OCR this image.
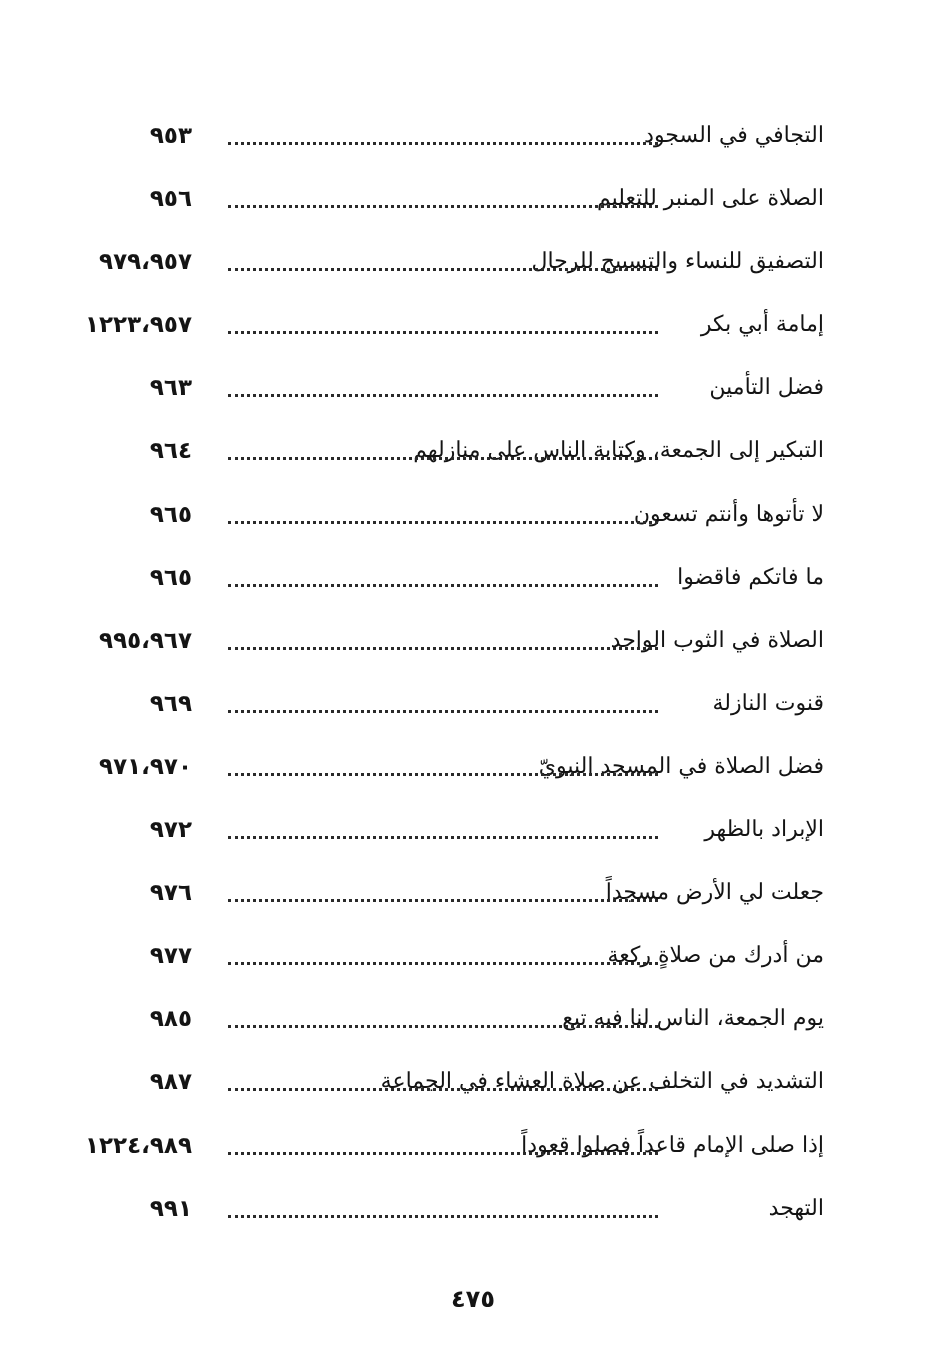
التجافي في السجود
٩٥٣
الصلاة على المنبر للتعليم
٩٥٦
التصفيق للنساء والتسبيح للرجال
٩٧٩،٩٥٧
إمامة أبي بكر
١٢٢٣،٩٥٧
فضل التأمين
٩٦٣
التبكير إلى الجمعة، وكتابة الناس على منازلهم
٩٦٤
لا تأتوها وأنتم تسعون
٩٦٥
ما فاتكم فاقضوا
٩٦٥
الصلاة في الثوب الواحد
٩٩٥،٩٦٧
قنوت النازلة
٩٦٩
فضل الصلاة في المسجد النبويّ
٩٧١،٩٧٠
الإبراد بالظهر
٩٧٢
جعلت لي الأرض مسجداً
٩٧٦
من أدرك من صلاةٍ ركعة
٩٧٧
يوم الجمعة، الناس لنا فيه تبع
٩٨٥
التشديد في التخلف عن صلاة العشاء في الجماعة
٩٨٧
إذا صلى الإمام قاعداً فصلوا قعوداً
١٢٢٤،٩٨٩
التهجد
٩٩١
٤٧٥
